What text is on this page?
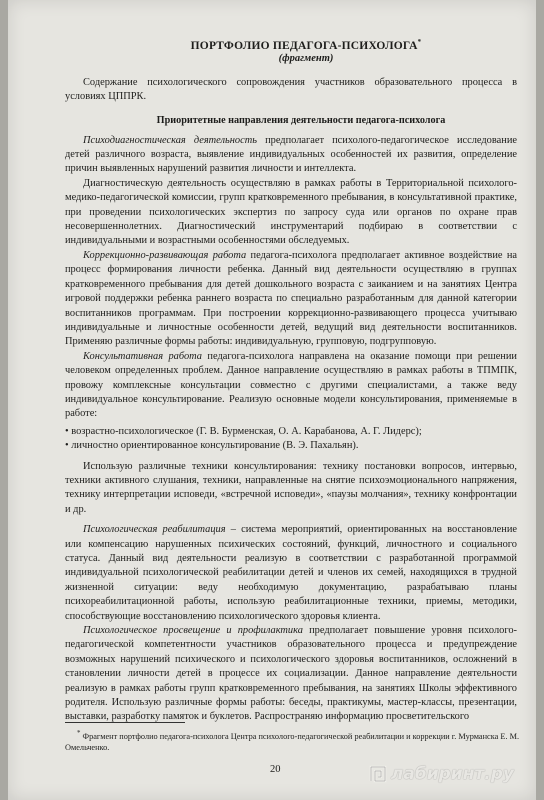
ПОРТФОЛИО ПЕДАГОГА-ПСИХОЛОГА*
(фрагмент)

Содержание психологического сопровождения участников образовательного процесса в условиях ЦППРК.

Приоритетные направления деятельности педагога-психолога

Психодиагностическая деятельность предполагает психолого-педагогическое исследование детей различного возраста, выявление индивидуальных особенностей их развития, определение причин выявленных нарушений развития личности и интеллекта.

Диагностическую деятельность осуществляю в рамках работы в Территориальной психолого-медико-педагогической комиссии, групп кратковременного пребывания, в консультативной практике, при проведении психологических экспертиз по запросу суда или органов по охране прав несовершеннолетних. Диагностический инструментарий подбираю в соответствии с индивидуальными и возрастными особенностями обследуемых.

Коррекционно-развивающая работа педагога-психолога предполагает активное воздействие на процесс формирования личности ребенка. Данный вид деятельности осуществляю в группах кратковременного пребывания для детей дошкольного возраста с заиканием и на занятиях Центра игровой поддержки ребенка раннего возраста по специально разработанным для данной категории воспитанников программам. При построении коррекционно-развивающего процесса учитываю индивидуальные и личностные особенности детей, ведущий вид деятельности воспитанников. Применяю различные формы работы: индивидуальную, групповую, подгрупповую.

Консультативная работа педагога-психолога направлена на оказание помощи при решении человеком определенных проблем. Данное направление осуществляю в рамках работы в ТПМПК, провожу комплексные консультации совместно с другими специалистами, а также веду индивидуальное консультирование. Реализую основные модели консультирования, применяемые в работе:

• возрастно-психологическое (Г. В. Бурменская, О. А. Карабанова, А. Г. Лидерс);
• личностно ориентированное консультирование (В. Э. Пахальян).

Использую различные техники консультирования: технику постановки вопросов, интервью, техники активного слушания, техники, направленные на снятие психоэмоционального напряжения, технику интерпретации исповеди, «встречной исповеди», «паузы молчания», технику конфронтации и др.

Психологическая реабилитация – система мероприятий, ориентированных на восстановление или компенсацию нарушенных психических состояний, функций, личностного и социального статуса. Данный вид деятельности реализую в соответствии с разработанной программой индивидуальной психологической реабилитации детей и членов их семей, находящихся в трудной жизненной ситуации: веду необходимую документацию, разрабатываю планы психореабилитационной работы, использую реабилитационные техники, приемы, методики, способствующие восстановлению психологического здоровья клиента.

Психологическое просвещение и профилактика предполагает повышение уровня психолого-педагогической компетентности участников образовательного процесса и предупреждение возможных нарушений психического и психологического здоровья воспитанников, осложнений в становлении личности детей в процессе их социализации. Данное направление деятельности реализую в рамках работы групп кратковременного пребывания, на занятиях Школы эффективного родителя. Использую различные формы работы: беседы, практикумы, мастер-классы, презентации, выставки, разработку памяток и буклетов. Распространяю информацию просветительского

* Фрагмент портфолио педагога-психолога Центра психолого-педагогической реабилитации и коррекции г. Мурманска Е. М. Омельченко.
20	лабиринт.ру
